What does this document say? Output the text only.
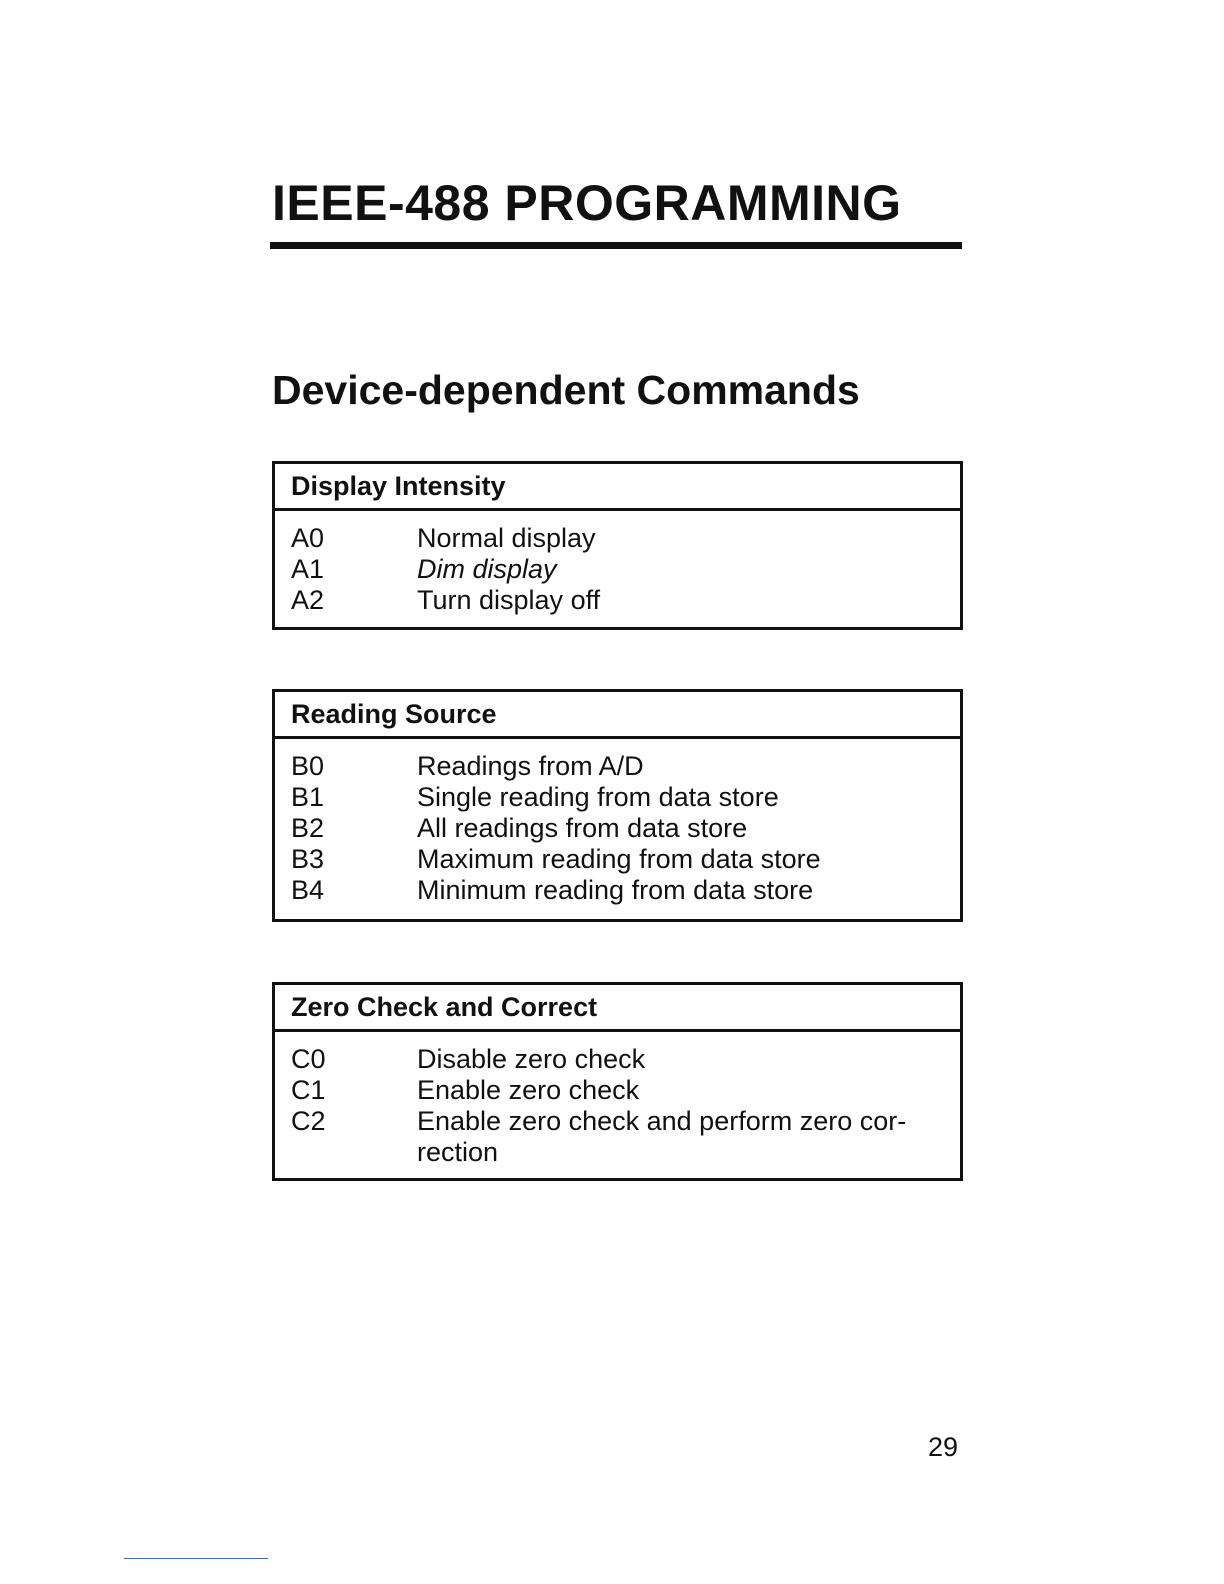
IEEE-488 PROGRAMMING
Device-dependent Commands
Display Intensity
A0	Normal display
A1	Dim display
A2	Turn display off
Reading Source
B0	Readings from A/D
B1	Single reading from data store
B2	All readings from data store
B3	Maximum reading from data store
B4	Minimum reading from data store
Zero Check and Correct
C0	Disable zero check
C1	Enable zero check
C2	Enable zero check and perform zero cor-
rection
29
